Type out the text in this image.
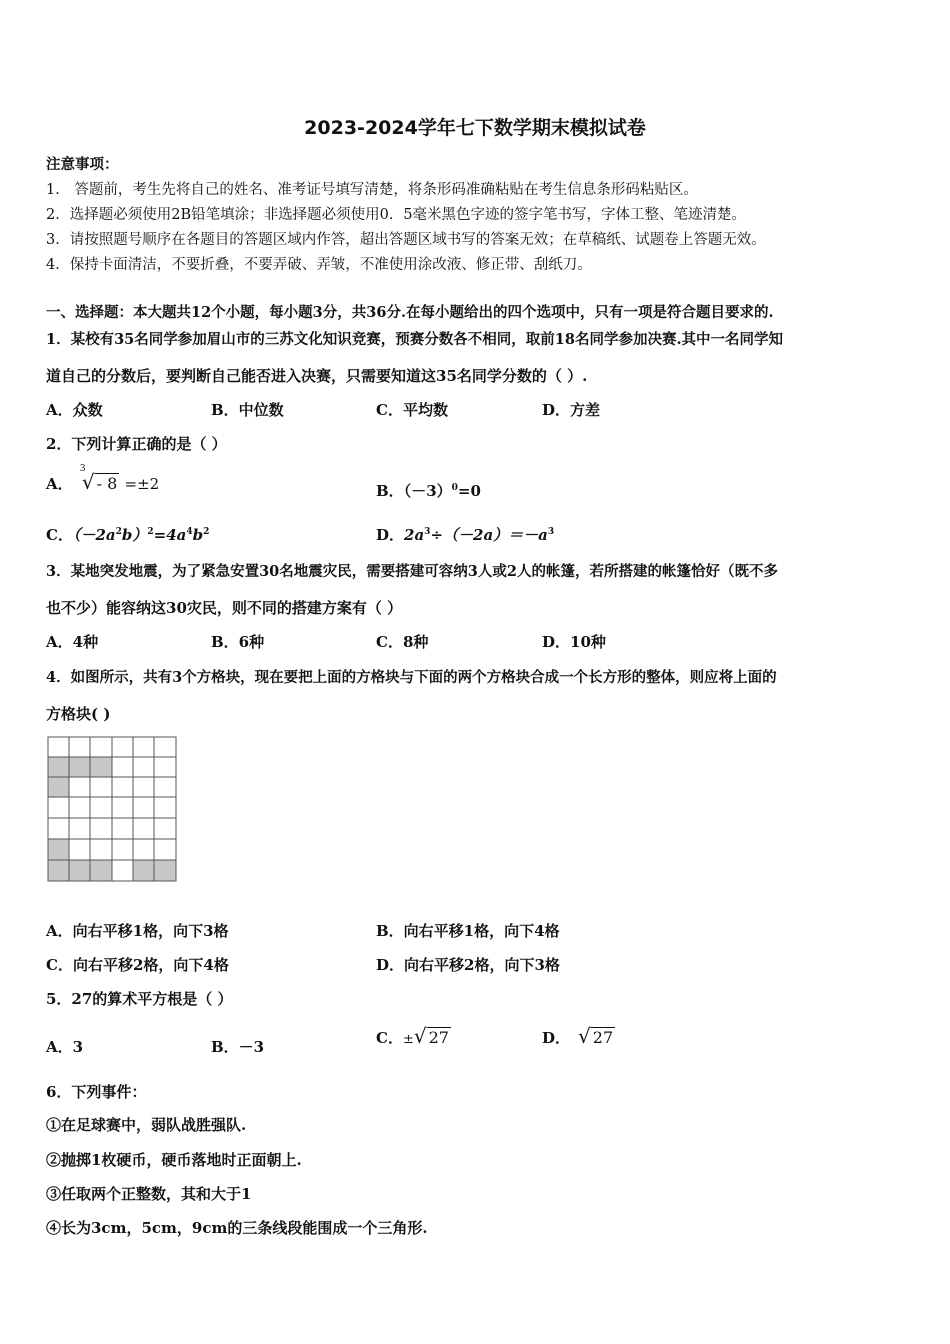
2023-2024学年七下数学期末模拟试卷
注意事项：
1． 答题前，考生先将自己的姓名、准考证号填写清楚，将条形码准确粘贴在考生信息条形码粘贴区。
2．选择题必须使用2B铅笔填涂；非选择题必须使用0．5毫米黑色字迹的签字笔书写，字体工整、笔迹清楚。
3．请按照题号顺序在各题目的答题区域内作答，超出答题区域书写的答案无效；在草稿纸、试题卷上答题无效。
4．保持卡面清洁，不要折叠，不要弄破、弄皱，不准使用涂改液、修正带、刮纸刀。
一、选择题：本大题共12个小题，每小题3分，共36分.在每小题给出的四个选项中，只有一项是符合题目要求的.
1．某校有35名同学参加眉山市的三苏文化知识竞赛，预赛分数各不相同，取前18名同学参加决赛.其中一名同学知
道自己的分数后，要判断自己能否进入决赛，只需要知道这35名同学分数的（ ）.
A．众数	B．中位数	C．平均数	D．方差
2．下列计算正确的是（ ）
A．
3
√ - 8 =±2	B．$(-3)^0=0$
C．$(-2a^2b)^2=4a^4b^2$	D．$2a^3\div(-2a)=-a^3$
3．某地突发地震，为了紧急安置30名地震灾民，需要搭建可容纳3人或2人的帐篷，若所搭建的帐篷恰好（既不多
也不少）能容纳这30灾民，则不同的搭建方案有（ ）
A．4种	B．6种	C．8种	D．10种
4．如图所示，共有3个方格块，现在要把上面的方格块与下面的两个方格块合成一个长方形的整体，则应将上面的
方格块( )
A．向右平移1格，向下3格	B．向右平移1格，向下4格
C．向右平移2格，向下4格	D．向右平移2格，向下3格
5．27的算术平方根是（ ）
A．3	B．－3	C．±√ 27	D． √ 27
6．下列事件：
①在足球赛中，弱队战胜强队.
②抛掷1枚硬币，硬币落地时正面朝上.
③任取两个正整数，其和大于1
④长为3cm，5cm，9cm的三条线段能围成一个三角形.
